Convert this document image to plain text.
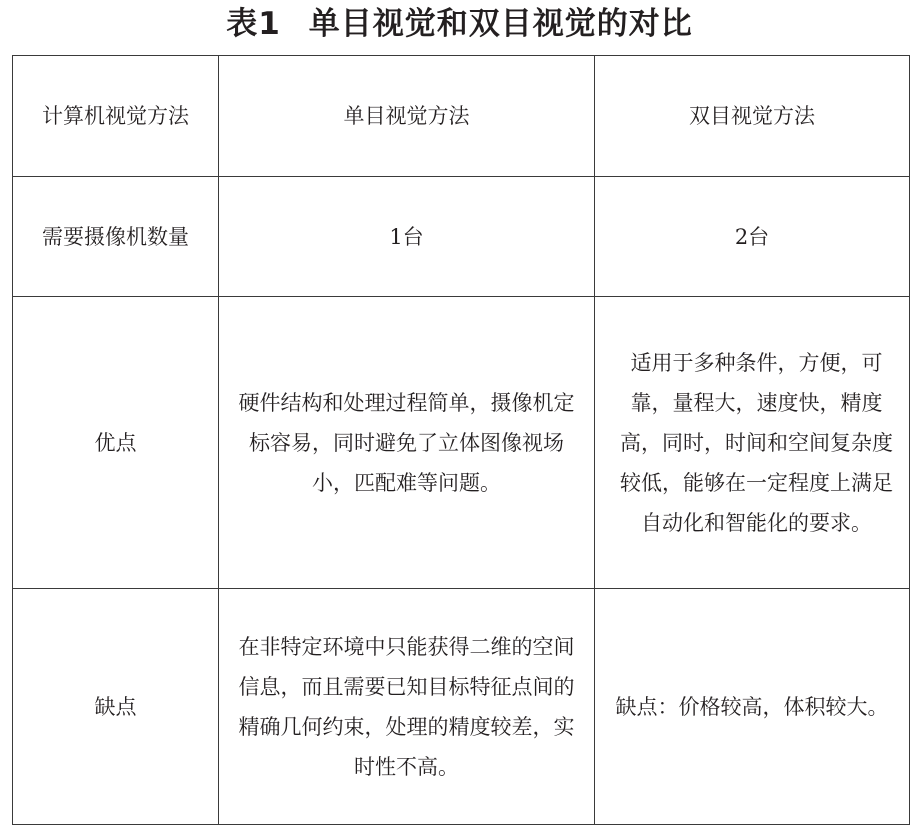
表1 单目视觉和双目视觉的对比
计算机视觉方法	单目视觉方法	双目视觉方法
需要摄像机数量	1台	2台
优点	硬件结构和处理过程简单，摄像机定标容易，同时避免了立体图像视场小，匹配难等问题。	适用于多种条件，方便，可靠，量程大，速度快，精度高，同时，时间和空间复杂度较低，能够在一定程度上满足自动化和智能化的要求。
缺点	在非特定环境中只能获得二维的空间信息，而且需要已知目标特征点间的精确几何约束，处理的精度较差，实时性不高。	缺点：价格较高，体积较大。
